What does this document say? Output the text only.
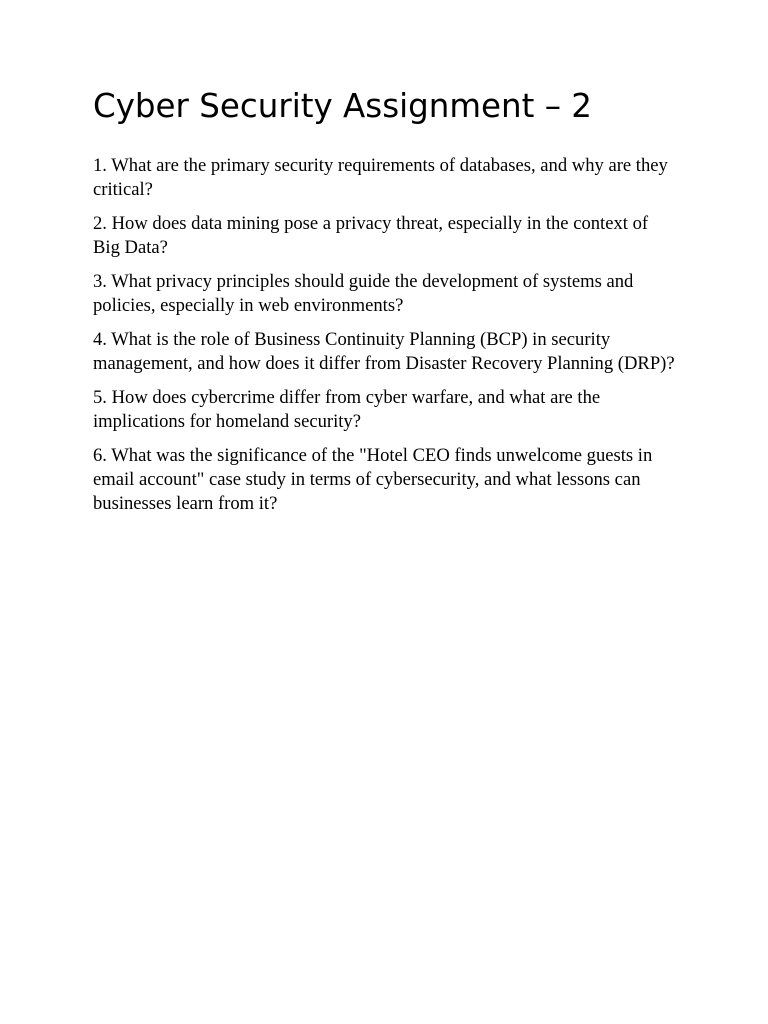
Cyber Security Assignment – 2

1. What are the primary security requirements of databases, and why are they critical?

2. How does data mining pose a privacy threat, especially in the context of Big Data?

3. What privacy principles should guide the development of systems and policies, especially in web environments?

4. What is the role of Business Continuity Planning (BCP) in security management, and how does it differ from Disaster Recovery Planning (DRP)?

5. How does cybercrime differ from cyber warfare, and what are the implications for homeland security?

6. What was the significance of the "Hotel CEO finds unwelcome guests in email account" case study in terms of cybersecurity, and what lessons can businesses learn from it?
